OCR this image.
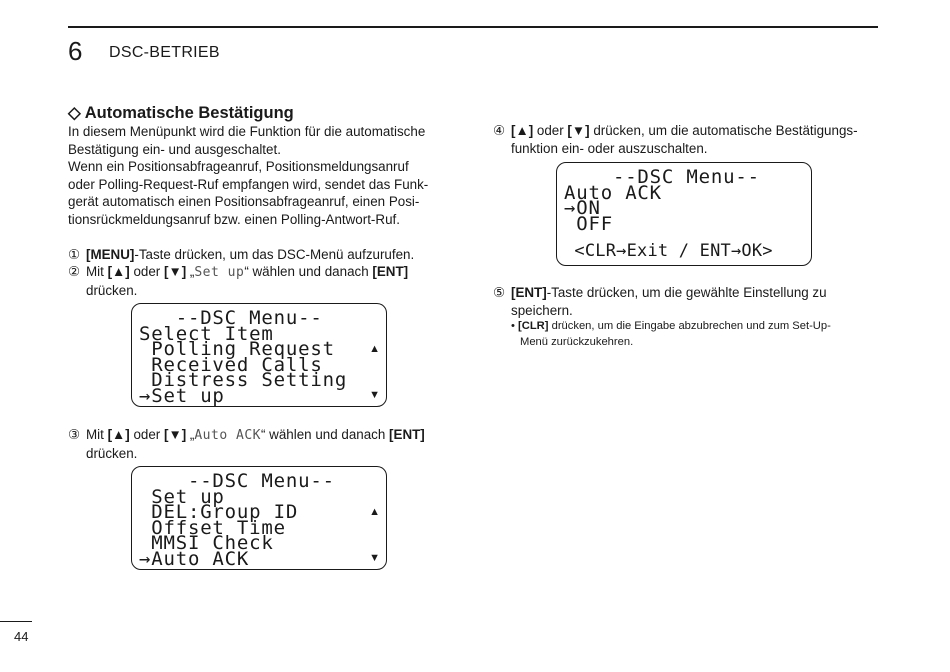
6 DSC-BETRIEB
◇ Automatische Bestätigung
In diesem Menüpunkt wird die Funktion für die automatische
Bestätigung ein- und ausgeschaltet.
Wenn ein Positionsabfrageanruf, Positionsmeldungsanruf
oder Polling-Request-Ruf empfangen wird, sendet das Funk-
gerät automatisch einen Positionsabfrageanruf, einen Posi-
tionsrückmeldungsanruf bzw. einen Polling-Antwort-Ruf.
① [MENU]-Taste drücken, um das DSC-Menü aufzurufen.
② Mit [▲] oder [▼] „Set up“ wählen und danach [ENT]
drücken.
--DSC Menu--
Select Item
Polling Request
Received Calls
Distress Setting
→Set up
▲
▼
③ Mit [▲] oder [▼] „Auto ACK“ wählen und danach [ENT]
drücken.
--DSC Menu--
Set up
DEL:Group ID
Offset Time
MMSI Check
→Auto ACK
▲
▼
④ [▲] oder [▼] drücken, um die automatische Bestätigungs-
funktion ein- oder auszuschalten.
--DSC Menu--
Auto ACK
→ON
OFF
<CLR→Exit / ENT→OK>
⑤ [ENT]-Taste drücken, um die gewählte Einstellung zu
speichern.
• [CLR] drücken, um die Eingabe abzubrechen und zum Set-Up-
Menü zurückzukehren.
44
